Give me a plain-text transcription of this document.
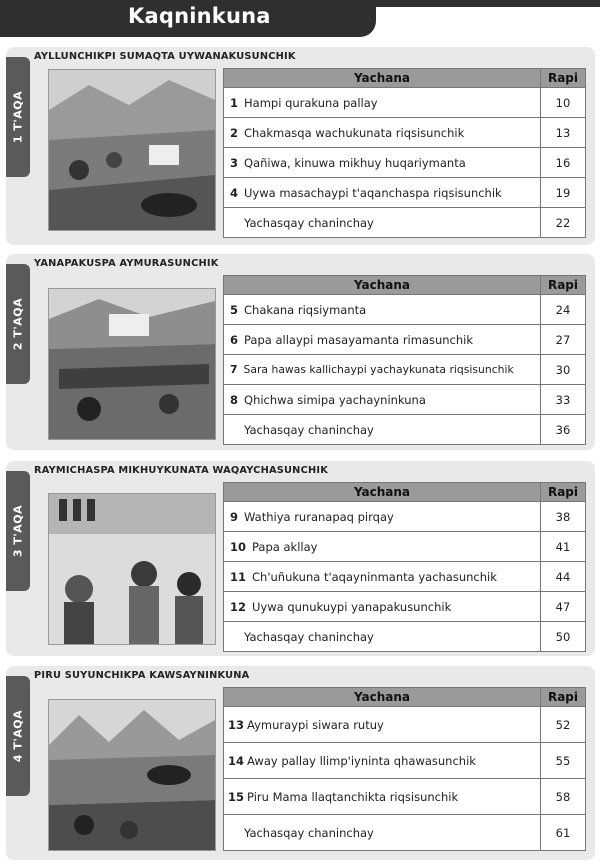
Kaqninkuna
1 T'AQA
AYLLUNCHIKPI SUMAQTA UYWANAKUSUNCHIK
Yachana	Rapi
1 Hampi qurakuna pallay	10
2 Chakmasqa wachukunata riqsisunchik	13
3 Qañiwa, kinuwa mikhuy huqariymanta	16
4 Uywa masachaypi t'aqanchaspa riqsisunchik	19
Yachasqay chaninchay	22
2 T'AQA
YANAPAKUSPA AYMURASUNCHIK
Yachana	Rapi
5 Chakana riqsiymanta	24
6 Papa allaypi masayamanta rimasunchik	27
7 Sara hawas kallichaypi yachaykunata riqsisunchik	30
8 Qhichwa simipa yachayninkuna	33
Yachasqay chaninchay	36
3 T'AQA
RAYMICHASPA MIKHUYKUNATA WAQAYCHASUNCHIK
Yachana	Rapi
9 Wathiya ruranapaq pirqay	38
10 Papa akllay	41
11 Ch'uñukuna t'aqayninmanta yachasunchik	44
12 Uywa qunukuypi yanapakusunchik	47
Yachasqay chaninchay	50
4 T'AQA
PIRU SUYUNCHIKPA KAWSAYNINKUNA
Yachana	Rapi
13 Aymuraypi siwara rutuy	52
14 Away pallay llimp'iyninta qhawasunchik	55
15 Piru Mama llaqtanchikta riqsisunchik	58
Yachasqay chaninchay	61
